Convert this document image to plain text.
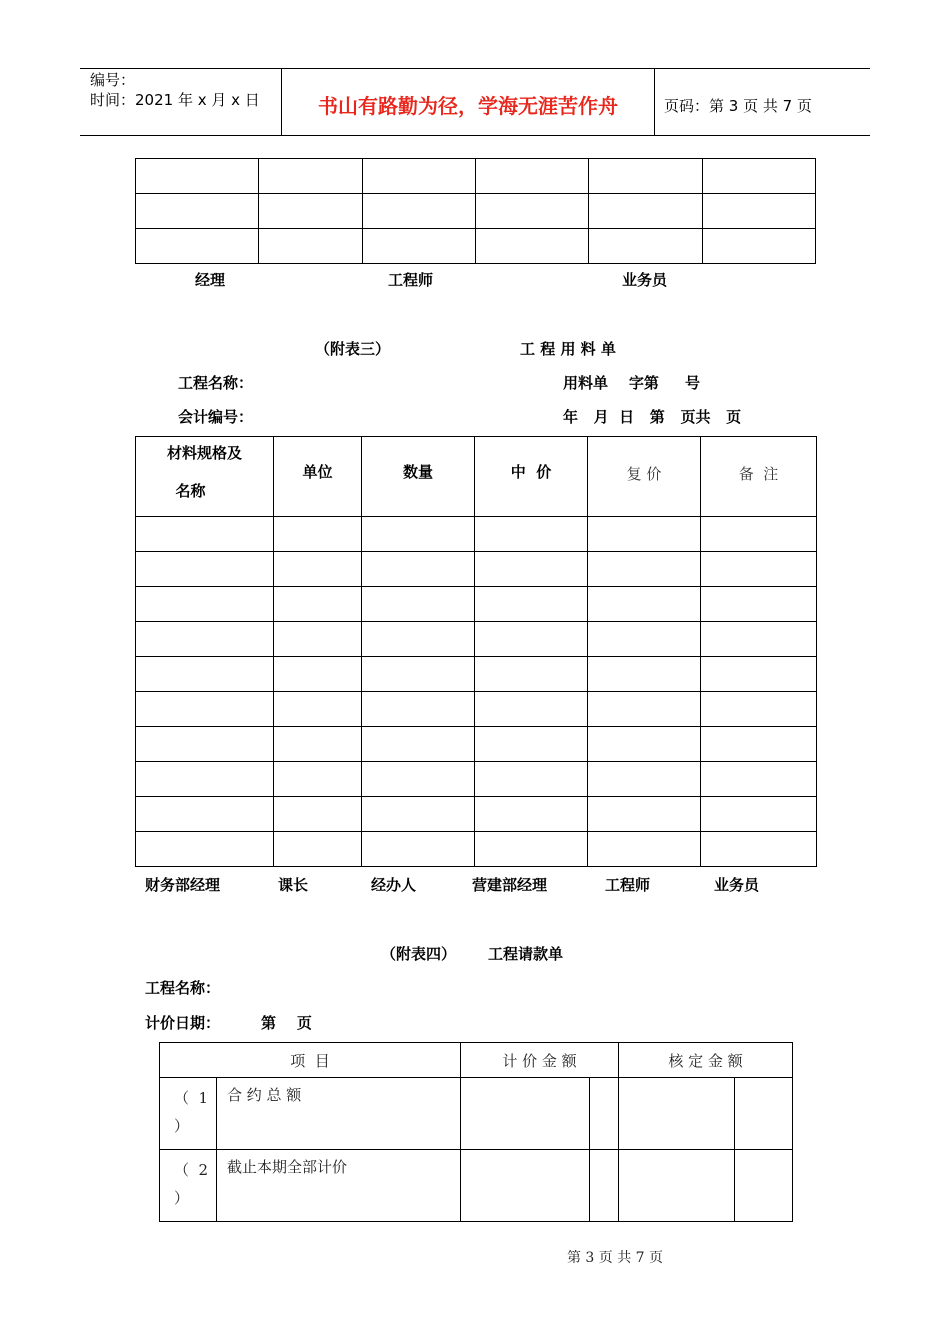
编号：
时间：2021 年 x 月 x 日	书山有路勤为径，学海无涯苦作舟	页码：第 3 页 共 7 页

经理	工程师	业务员
（附表三）	工 程 用 料 单
工程名称：	用料单    字第     号
会计编号：	年   月  日   第   页共   页
材料规格及
名称	单位	数量	中  价	复 价	备  注

财务部经理	课长	经办人	营建部经理	工程师	业务员
（附表四） 工程请款单
工程名称：
计价日期：	第    页
项  目		计 价 金 额		核 定 金 额	

（  1
）	合 约 总 额				

（  2
）	截止本期全部计价				
第 3 页 共 7 页
